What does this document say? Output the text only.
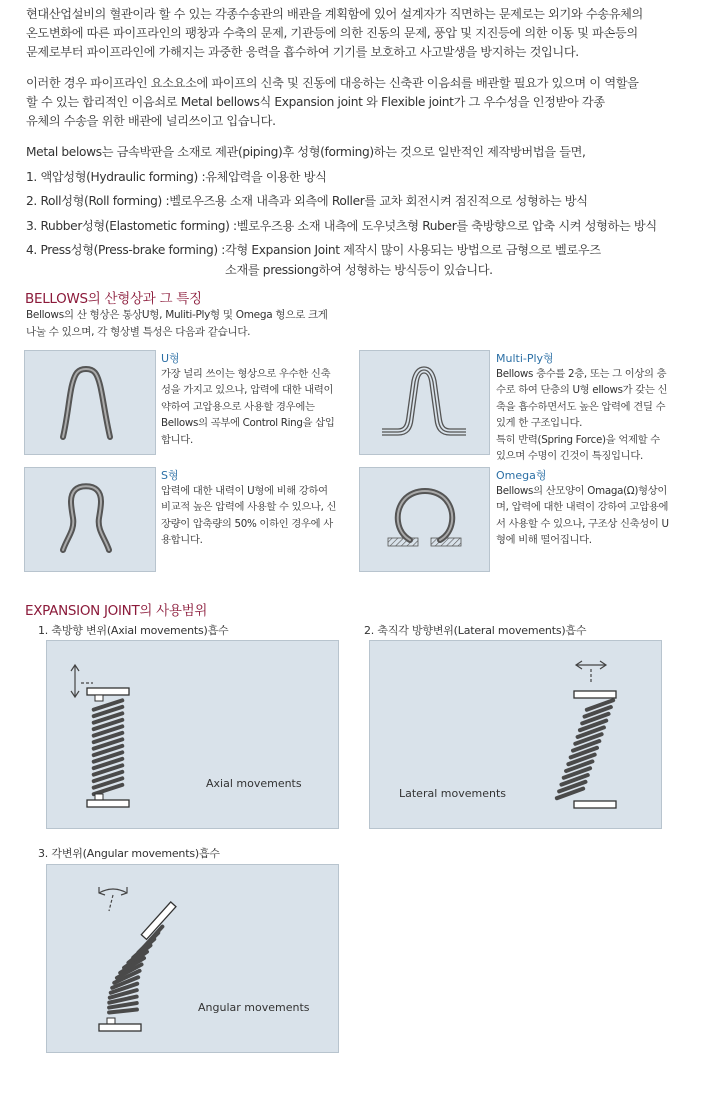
현대산업설비의 혈관이라 할 수 있는 각종수송관의 배관을 계획함에 있어 설계자가 직면하는 문제로는 외기와 수송유체의

온도변화에 따른 파이프라인의 팽창과 수축의 문제, 기관등에 의한 진동의 문제, 풍압 및 지진등에 의한 이동 및 파손등의

문제로부터 파이프라인에 가해지는 과중한 응력을 흡수하여 기기를 보호하고 사고발생을 방지하는 것입니다.

이러한 경우 파이프라인 요소요소에 파이프의 신축 및 진동에 대응하는 신축관 이음쇠를 배관할 필요가 있으며 이 역할을

할 수 있는 합리적인 이음쇠로 Metal bellows식 Expansion joint 와 Flexible joint가 그 우수성을 인정받아 각종

유체의 수송을 위한 배관에 널리쓰이고 입습니다.

Metal belows는 금속박판을 소재로 제관(piping)후 성형(forming)하는 것으로 일반적인 제작방버법을 들면,
1. 액압성형(Hydraulic forming) : 유체압력을 이용한 방식
2. Roll성형(Roll forming) : 벨로우즈용 소재 내측과 외측에 Roller를 교차 회전시켜 점진적으로 성형하는 방식
3. Rubber성형(Elastometic forming) : 벨로우즈용 소재 내측에 도우넛츠형 Ruber를 축방향으로 압축 시켜 성형하는 방식
4. Press성형(Press-brake forming) : 각형 Expansion Joint 제작시 많이 사용되는 방법으로 금형으로 벨로우즈
소재를 pressiong하여 성형하는 방식등이 있습니다.
BELLOWS의 산형상과 그 특징
Bellows의 산 형상은 통상U형, Muliti-Ply형 및 Omega 형으로 크게
나눌 수 있으며, 각 형상별 특성은 다음과 같습니다.
U형
가장 널리 쓰이는 형상으로 우수한 신축
성을 가지고 있으나, 압력에 대한 내력이
약하여 고압용으로 사용할 경우에는
Bellows의 곡부에 Control Ring을 삽입
합니다.
Multi-Ply형
Bellows 층수를 2층, 또는 그 이상의 층
수로 하여 단층의 U형 ellows가 갖는 신
축을 흡수하면서도 높은 압력에 견딜 수
있게 한 구조입니다.
특히 반력(Spring Force)을 억제할 수
있으며 수명이 긴것이 특징입니다.
S형
압력에 대한 내력이 U형에 비해 강하여
비교적 높은 압력에 사용할 수 있으나, 신
장량이 압축량의 50% 이하인 경우에 사
용합니다.
Omega형
Bellows의 산모양이 Omaga(Ω)형상이
며, 압력에 대한 내력이 강하여 고압용에
서 사용할 수 있으나, 구조상 신축성이 U
형에 비해 떨어집니다.
EXPANSION JOINT의 사용범위
1. 축방향 변위(Axial movements)흡수	2. 축직각 방향변위(Lateral movements)흡수
Axial movements
Lateral movements
3. 각변위(Angular movements)흡수
Angular movements
